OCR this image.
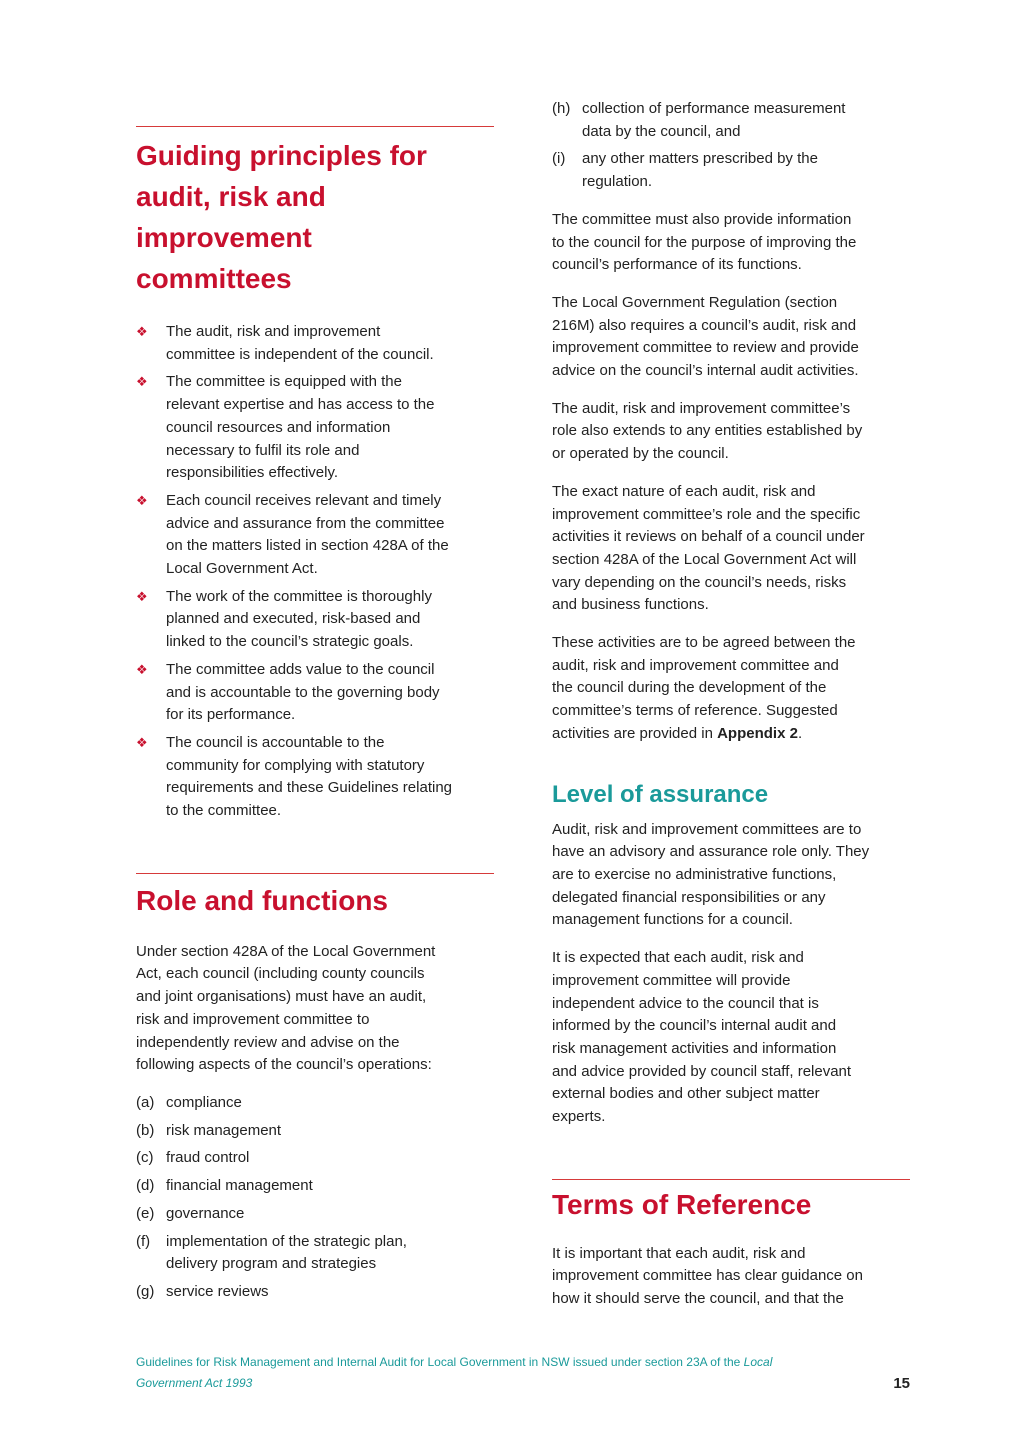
Guiding principles for
audit, risk and
improvement
committees
❖ The audit, risk and improvement
committee is independent of the council.
❖ The committee is equipped with the
relevant expertise and has access to the
council resources and information
necessary to fulfil its role and
responsibilities effectively.
❖ Each council receives relevant and timely
advice and assurance from the committee
on the matters listed in section 428A of the
Local Government Act.
❖ The work of the committee is thoroughly
planned and executed, risk-based and
linked to the council’s strategic goals.
❖ The committee adds value to the council
and is accountable to the governing body
for its performance.
❖ The council is accountable to the
community for complying with statutory
requirements and these Guidelines relating
to the committee.
Role and functions

Under section 428A of the Local Government
Act, each council (including county councils
and joint organisations) must have an audit,
risk and improvement committee to
independently review and advise on the
following aspects of the council’s operations:

(a) compliance
(b) risk management
(c) fraud control
(d) financial management
(e) governance
(f) implementation of the strategic plan,
delivery program and strategies
(g) service reviews
(h) collection of performance measurement
data by the council, and
(i) any other matters prescribed by the
regulation.

The committee must also provide information
to the council for the purpose of improving the
council’s performance of its functions.

The Local Government Regulation (section
216M) also requires a council’s audit, risk and
improvement committee to review and provide
advice on the council’s internal audit activities.

The audit, risk and improvement committee’s
role also extends to any entities established by
or operated by the council.

The exact nature of each audit, risk and
improvement committee’s role and the specific
activities it reviews on behalf of a council under
section 428A of the Local Government Act will
vary depending on the council’s needs, risks
and business functions.

These activities are to be agreed between the
audit, risk and improvement committee and
the council during the development of the
committee’s terms of reference. Suggested
activities are provided in Appendix 2.

Level of assurance

Audit, risk and improvement committees are to
have an advisory and assurance role only. They
are to exercise no administrative functions,
delegated financial responsibilities or any
management functions for a council.

It is expected that each audit, risk and
improvement committee will provide
independent advice to the council that is
informed by the council’s internal audit and
risk management activities and information
and advice provided by council staff, relevant
external bodies and other subject matter
experts.

Terms of Reference

It is important that each audit, risk and
improvement committee has clear guidance on
how it should serve the council, and that the

Guidelines for Risk Management and Internal Audit for Local Government in NSW issued under section 23A of the Local
Government Act 1993	15
